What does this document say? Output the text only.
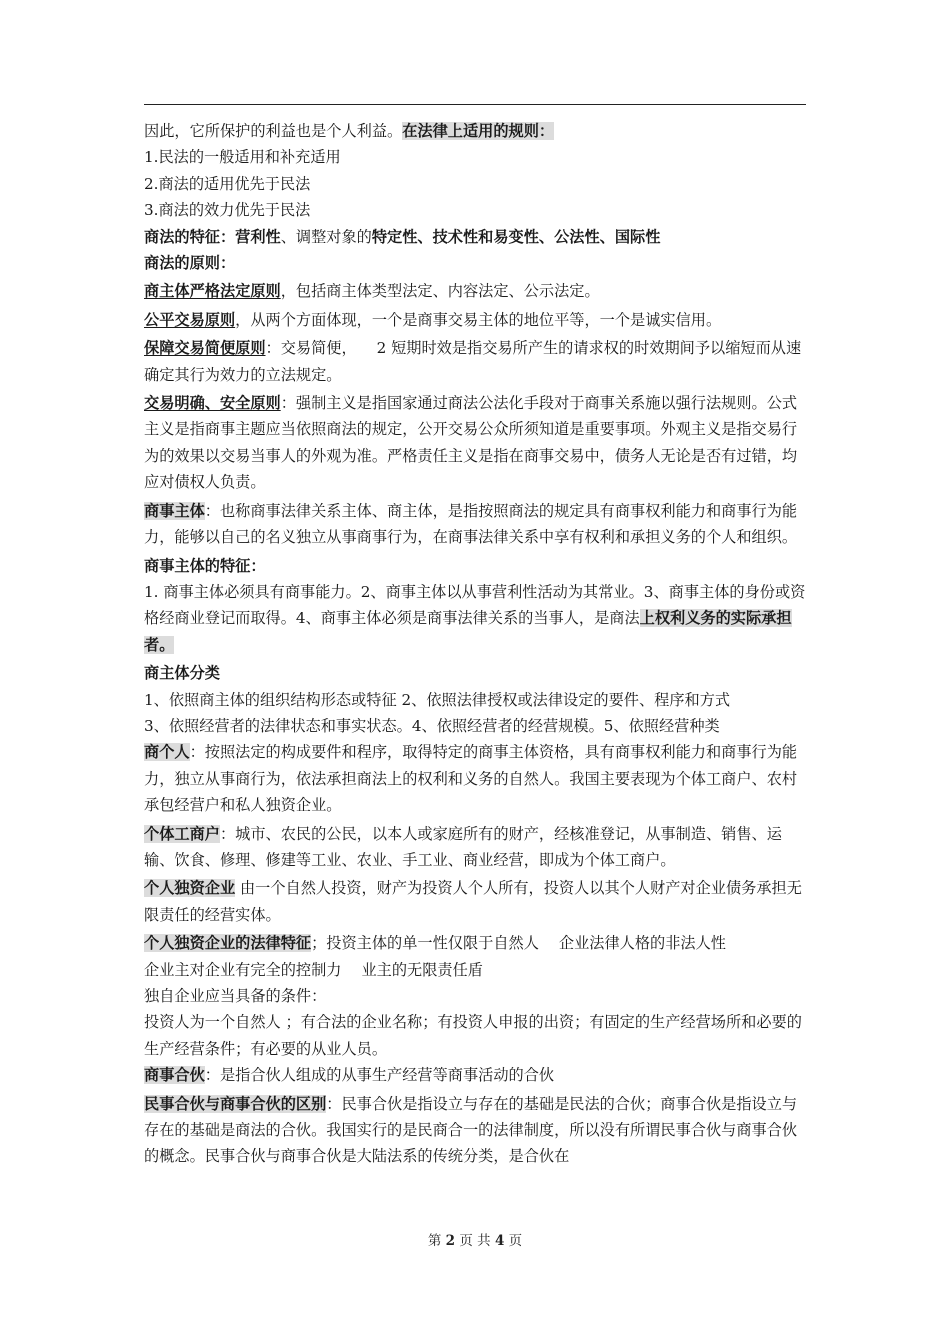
因此，它所保护的利益也是个人利益。在法律上适用的规则：

1.民法的一般适用和补充适用

2.商法的适用优先于民法

3.商法的效力优先于民法

商法的特征：营利性、调整对象的特定性、技术性和易变性、公法性、国际性

商法的原则：

商主体严格法定原则，包括商主体类型法定、内容法定、公示法定。

公平交易原则，从两个方面体现，一个是商事交易主体的地位平等，一个是诚实信用。

保障交易简便原则：交易简便， 2 短期时效是指交易所产生的请求权的时效期间予以缩短而从速确定其行为效力的立法规定。

交易明确、安全原则：强制主义是指国家通过商法公法化手段对于商事关系施以强行法规则。公式主义是指商事主题应当依照商法的规定，公开交易公众所须知道是重要事项。外观主义是指交易行为的效果以交易当事人的外观为准。严格责任主义是指在商事交易中，债务人无论是否有过错，均应对债权人负责。

商事主体：也称商事法律关系主体、商主体，是指按照商法的规定具有商事权利能力和商事行为能力，能够以自己的名义独立从事商事行为，在商事法律关系中享有权利和承担义务的个人和组织。

商事主体的特征：

1. 商事主体必须具有商事能力。2、商事主体以从事营利性活动为其常业。3、商事主体的身份或资格经商业登记而取得。4、商事主体必须是商事法律关系的当事人，是商法上权利义务的实际承担者。

商主体分类

1、依照商主体的组织结构形态或特征 2、依照法律授权或法律设定的要件、程序和方式

3、依照经营者的法律状态和事实状态。4、依照经营者的经营规模。5、依照经营种类

商个人：按照法定的构成要件和程序，取得特定的商事主体资格，具有商事权利能力和商事行为能力，独立从事商行为，依法承担商法上的权利和义务的自然人。我国主要表现为个体工商户、农村承包经营户和私人独资企业。

个体工商户：城市、农民的公民，以本人或家庭所有的财产，经核准登记，从事制造、销售、运输、饮食、修理、修建等工业、农业、手工业、商业经营，即成为个体工商户。

个人独资企业 由一个自然人投资，财产为投资人个人所有，投资人以其个人财产对企业债务承担无限责任的经营实体。

个人独资企业的法律特征；投资主体的单一性仅限于自然人 企业法律人格的非法人性

企业主对企业有完全的控制力 业主的无限责任盾

独自企业应当具备的条件：

投资人为一个自然人 ；有合法的企业名称；有投资人申报的出资；有固定的生产经营场所和必要的生产经营条件；有必要的从业人员。

商事合伙：是指合伙人组成的从事生产经营等商事活动的合伙

民事合伙与商事合伙的区别：民事合伙是指设立与存在的基础是民法的合伙；商事合伙是指设立与存在的基础是商法的合伙。我国实行的是民商合一的法律制度，所以没有所谓民事合伙与商事合伙的概念。民事合伙与商事合伙是大陆法系的传统分类，是合伙在

第 2 页 共 4 页
